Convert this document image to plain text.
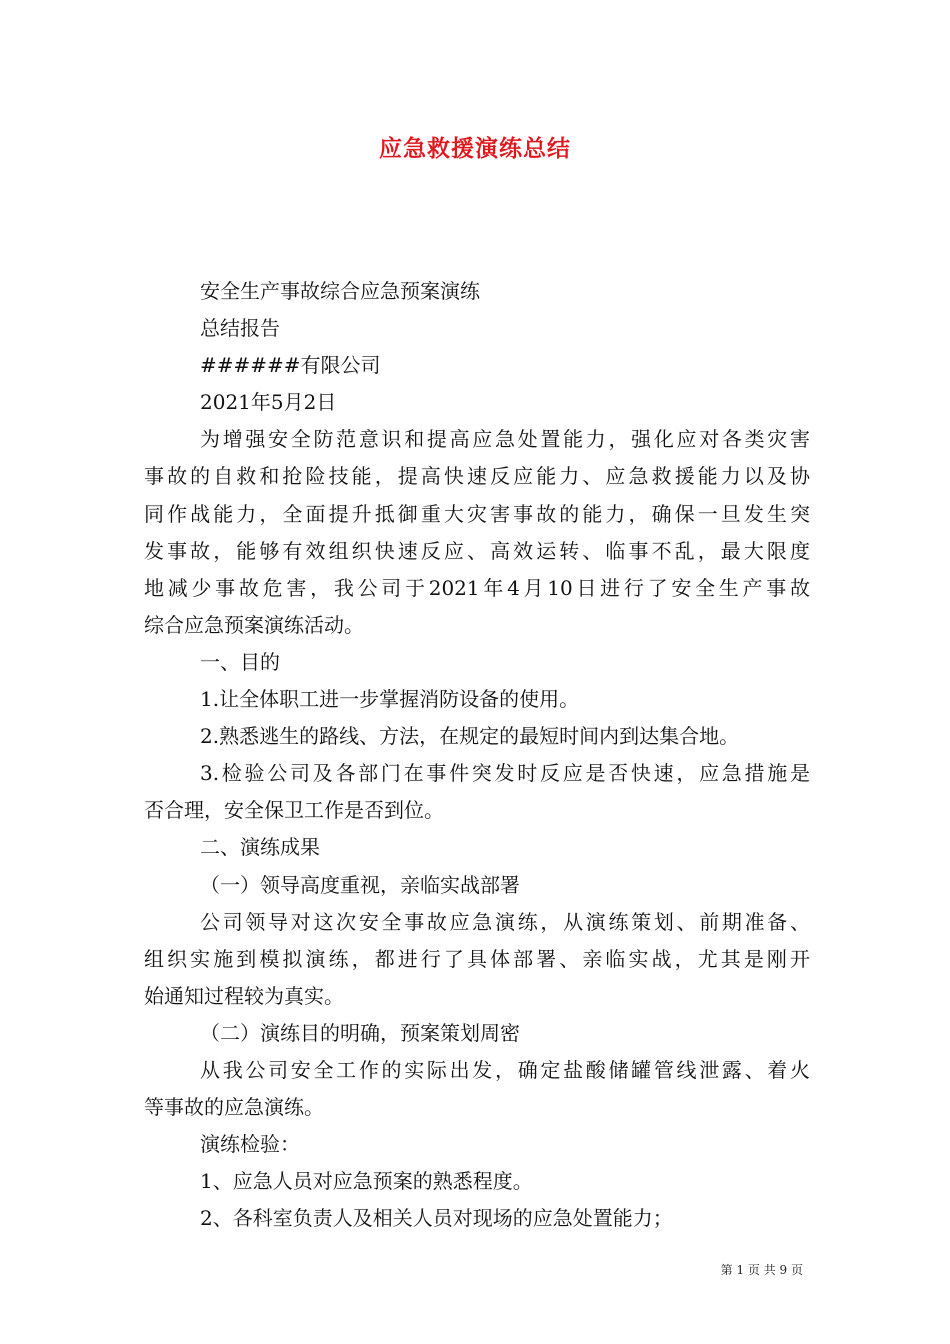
应急救援演练总结
安全生产事故综合应急预案演练
总结报告
######有限公司
2021年5月2日
为增强安全防范意识和提高应急处置能力，强化应对各类灾害
事故的自救和抢险技能，提高快速反应能力、应急救援能力以及协
同作战能力，全面提升抵御重大灾害事故的能力，确保一旦发生突
发事故，能够有效组织快速反应、高效运转、临事不乱，最大限度
地减少事故危害，我公司于2021年4月10日进行了安全生产事故
综合应急预案演练活动。
一、目的
1.让全体职工进一步掌握消防设备的使用。
2.熟悉逃生的路线、方法，在规定的最短时间内到达集合地。
3.检验公司及各部门在事件突发时反应是否快速，应急措施是
否合理，安全保卫工作是否到位。
二、演练成果
（一）领导高度重视，亲临实战部署
公司领导对这次安全事故应急演练，从演练策划、前期准备、
组织实施到模拟演练，都进行了具体部署、亲临实战，尤其是刚开
始通知过程较为真实。
（二）演练目的明确，预案策划周密
从我公司安全工作的实际出发，确定盐酸储罐管线泄露、着火
等事故的应急演练。
演练检验：
1、应急人员对应急预案的熟悉程度。
2、各科室负责人及相关人员对现场的应急处置能力；
第 1 页 共 9 页
